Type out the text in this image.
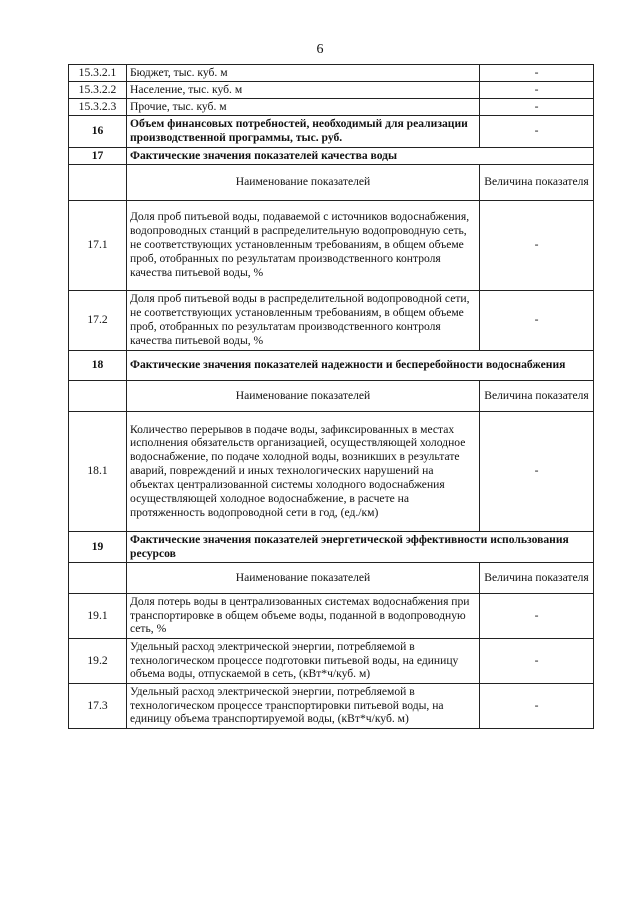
6
15.3.2.1	Бюджет, тыс. куб. м	-
15.3.2.2	Население, тыс. куб. м	-
15.3.2.3	Прочие, тыс. куб. м	-
16	Объем финансовых потребностей, необходимый для реализации производственной программы, тыс. руб.	-
17	Фактические значения показателей качества воды	
	Наименование показателей	Величина показателя
17.1	Доля проб питьевой воды, подаваемой с источников водоснабжения, водопроводных станций в распределительную водопроводную сеть, не соответствующих установленным требованиям, в общем объеме проб, отобранных по результатам производственного контроля качества питьевой воды, %	-
17.2	Доля проб питьевой воды в распределительной водопроводной сети, не соответствующих установленным требованиям, в общем объеме проб, отобранных по результатам производственного контроля качества питьевой воды, %	-
18	Фактические значения показателей надежности и бесперебойности водоснабжения	
	Наименование показателей	Величина показателя
18.1	Количество перерывов в подаче воды, зафиксированных в местах исполнения обязательств организацией, осуществляющей холодное водоснабжение, по подаче холодной воды, возникших в результате аварий, повреждений и иных технологических нарушений на объектах централизованной системы холодного водоснабжения осуществляющей холодное водоснабжение, в расчете на протяженность водопроводной сети в год, (ед./км)	-
19	Фактические значения показателей энергетической эффективности использования ресурсов	
	Наименование показателей	Величина показателя
19.1	Доля потерь воды в централизованных системах водоснабжения при транспортировке в общем объеме воды, поданной в водопроводную сеть, %	-
19.2	Удельный расход электрической энергии, потребляемой в технологическом процессе подготовки питьевой воды, на единицу объема воды, отпускаемой в сеть, (кВт*ч/куб. м)	-
17.3	Удельный расход электрической энергии, потребляемой в технологическом процессе транспортировки питьевой воды, на единицу объема транспортируемой воды, (кВт*ч/куб. м)	-
